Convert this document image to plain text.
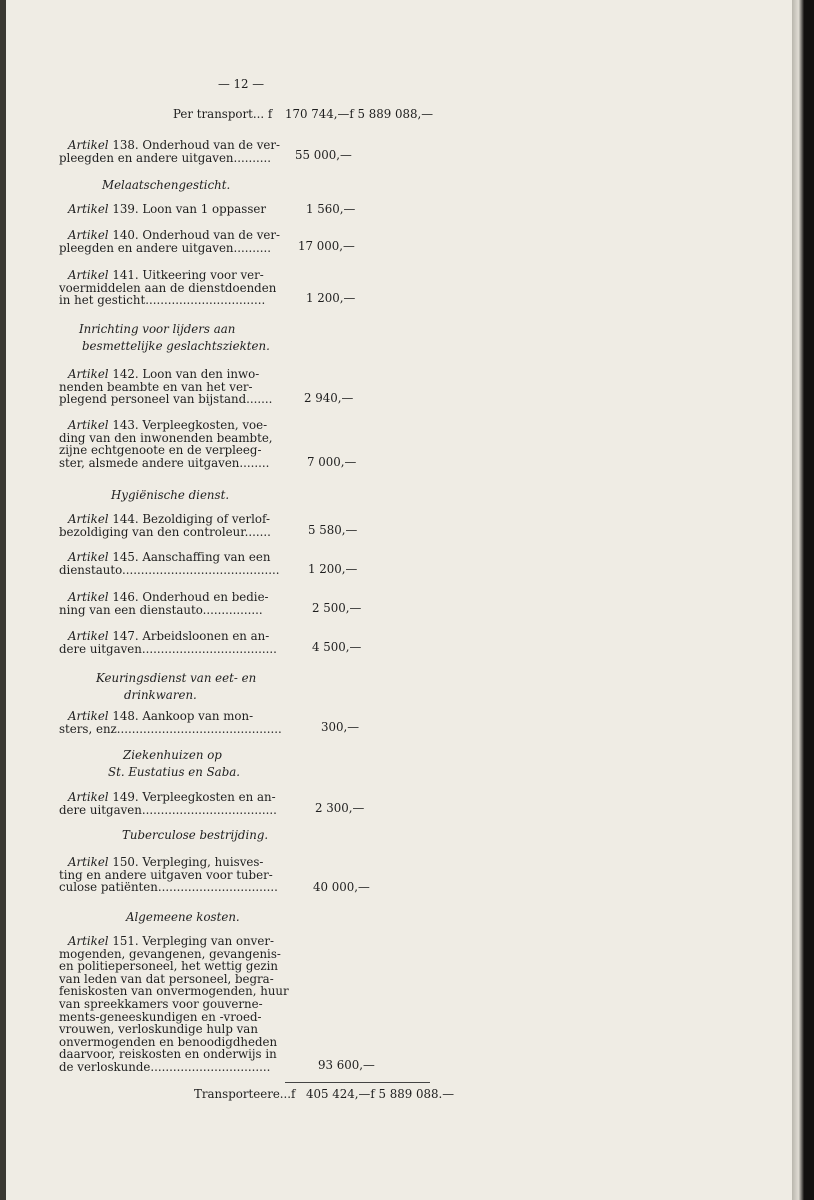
— 12 —
Per transport... f 170 744,—f 5 889 088,—
Transporteere...f 405 424,—f 5 889 088.—
Artikel 138. Onderhoud van de ver-
pleegden en andere uitgaven.......... 55 000,—
Melaatschengesticht.
Artikel 139. Loon van 1 oppasser	1 560,—
Artikel 140. Onderhoud van de ver-
pleegden en andere uitgaven.......... 17 000,—
Artikel 141. Uitkeering voor ver-
voermiddelen aan de dienstdoenden
in het gesticht................................	1 200,—
Inrichting voor lijders aan
besmettelijke geslachtsziekten.
Artikel 142. Loon van den inwo-
nenden beambte en van het ver-
plegend personeel van bijstand.......	2 940,—
Artikel 143. Verpleegkosten, voe-
ding van den inwonenden beambte,
zijne echtgenoote en de verpleeg-
ster, alsmede andere uitgaven........	7 000,—
Hygiënische dienst.
Artikel 144. Bezoldiging of verlof-
bezoldiging van den controleur.......	5 580,—
Artikel 145. Aanschaffing van een
dienstauto.......................................... 1 200,—
Artikel 146. Onderhoud en bedie-
ning van een dienstauto................	2 500,—
Artikel 147. Arbeidsloonen en an-
dere uitgaven....................................	4 500,—
Keuringsdienst van eet- en
drinkwaren.
Artikel 148. Aankoop van mon-
sters, enz............................................	300,—
Ziekenhuizen op
St. Eustatius en Saba.
Artikel 149. Verpleegkosten en an-
dere uitgaven....................................	2 300,—
Tuberculose bestrijding.
Artikel 150. Verpleging, huisves-
ting en andere uitgaven voor tuber-
culose patiënten................................	40 000,—
Algemeene kosten.
Artikel 151. Verpleging van onver-
mogenden, gevangenen, gevangenis-
en politiepersoneel, het wettig gezin
van leden van dat personeel, begra-
feniskosten van onvermogenden, huur
van spreekkamers voor gouverne-
ments-geneeskundigen en -vroed-
vrouwen, verloskundige hulp van
onvermogenden en benoodigdheden
daarvoor, reiskosten en onderwijs in
de verloskunde................................	93 600,—
